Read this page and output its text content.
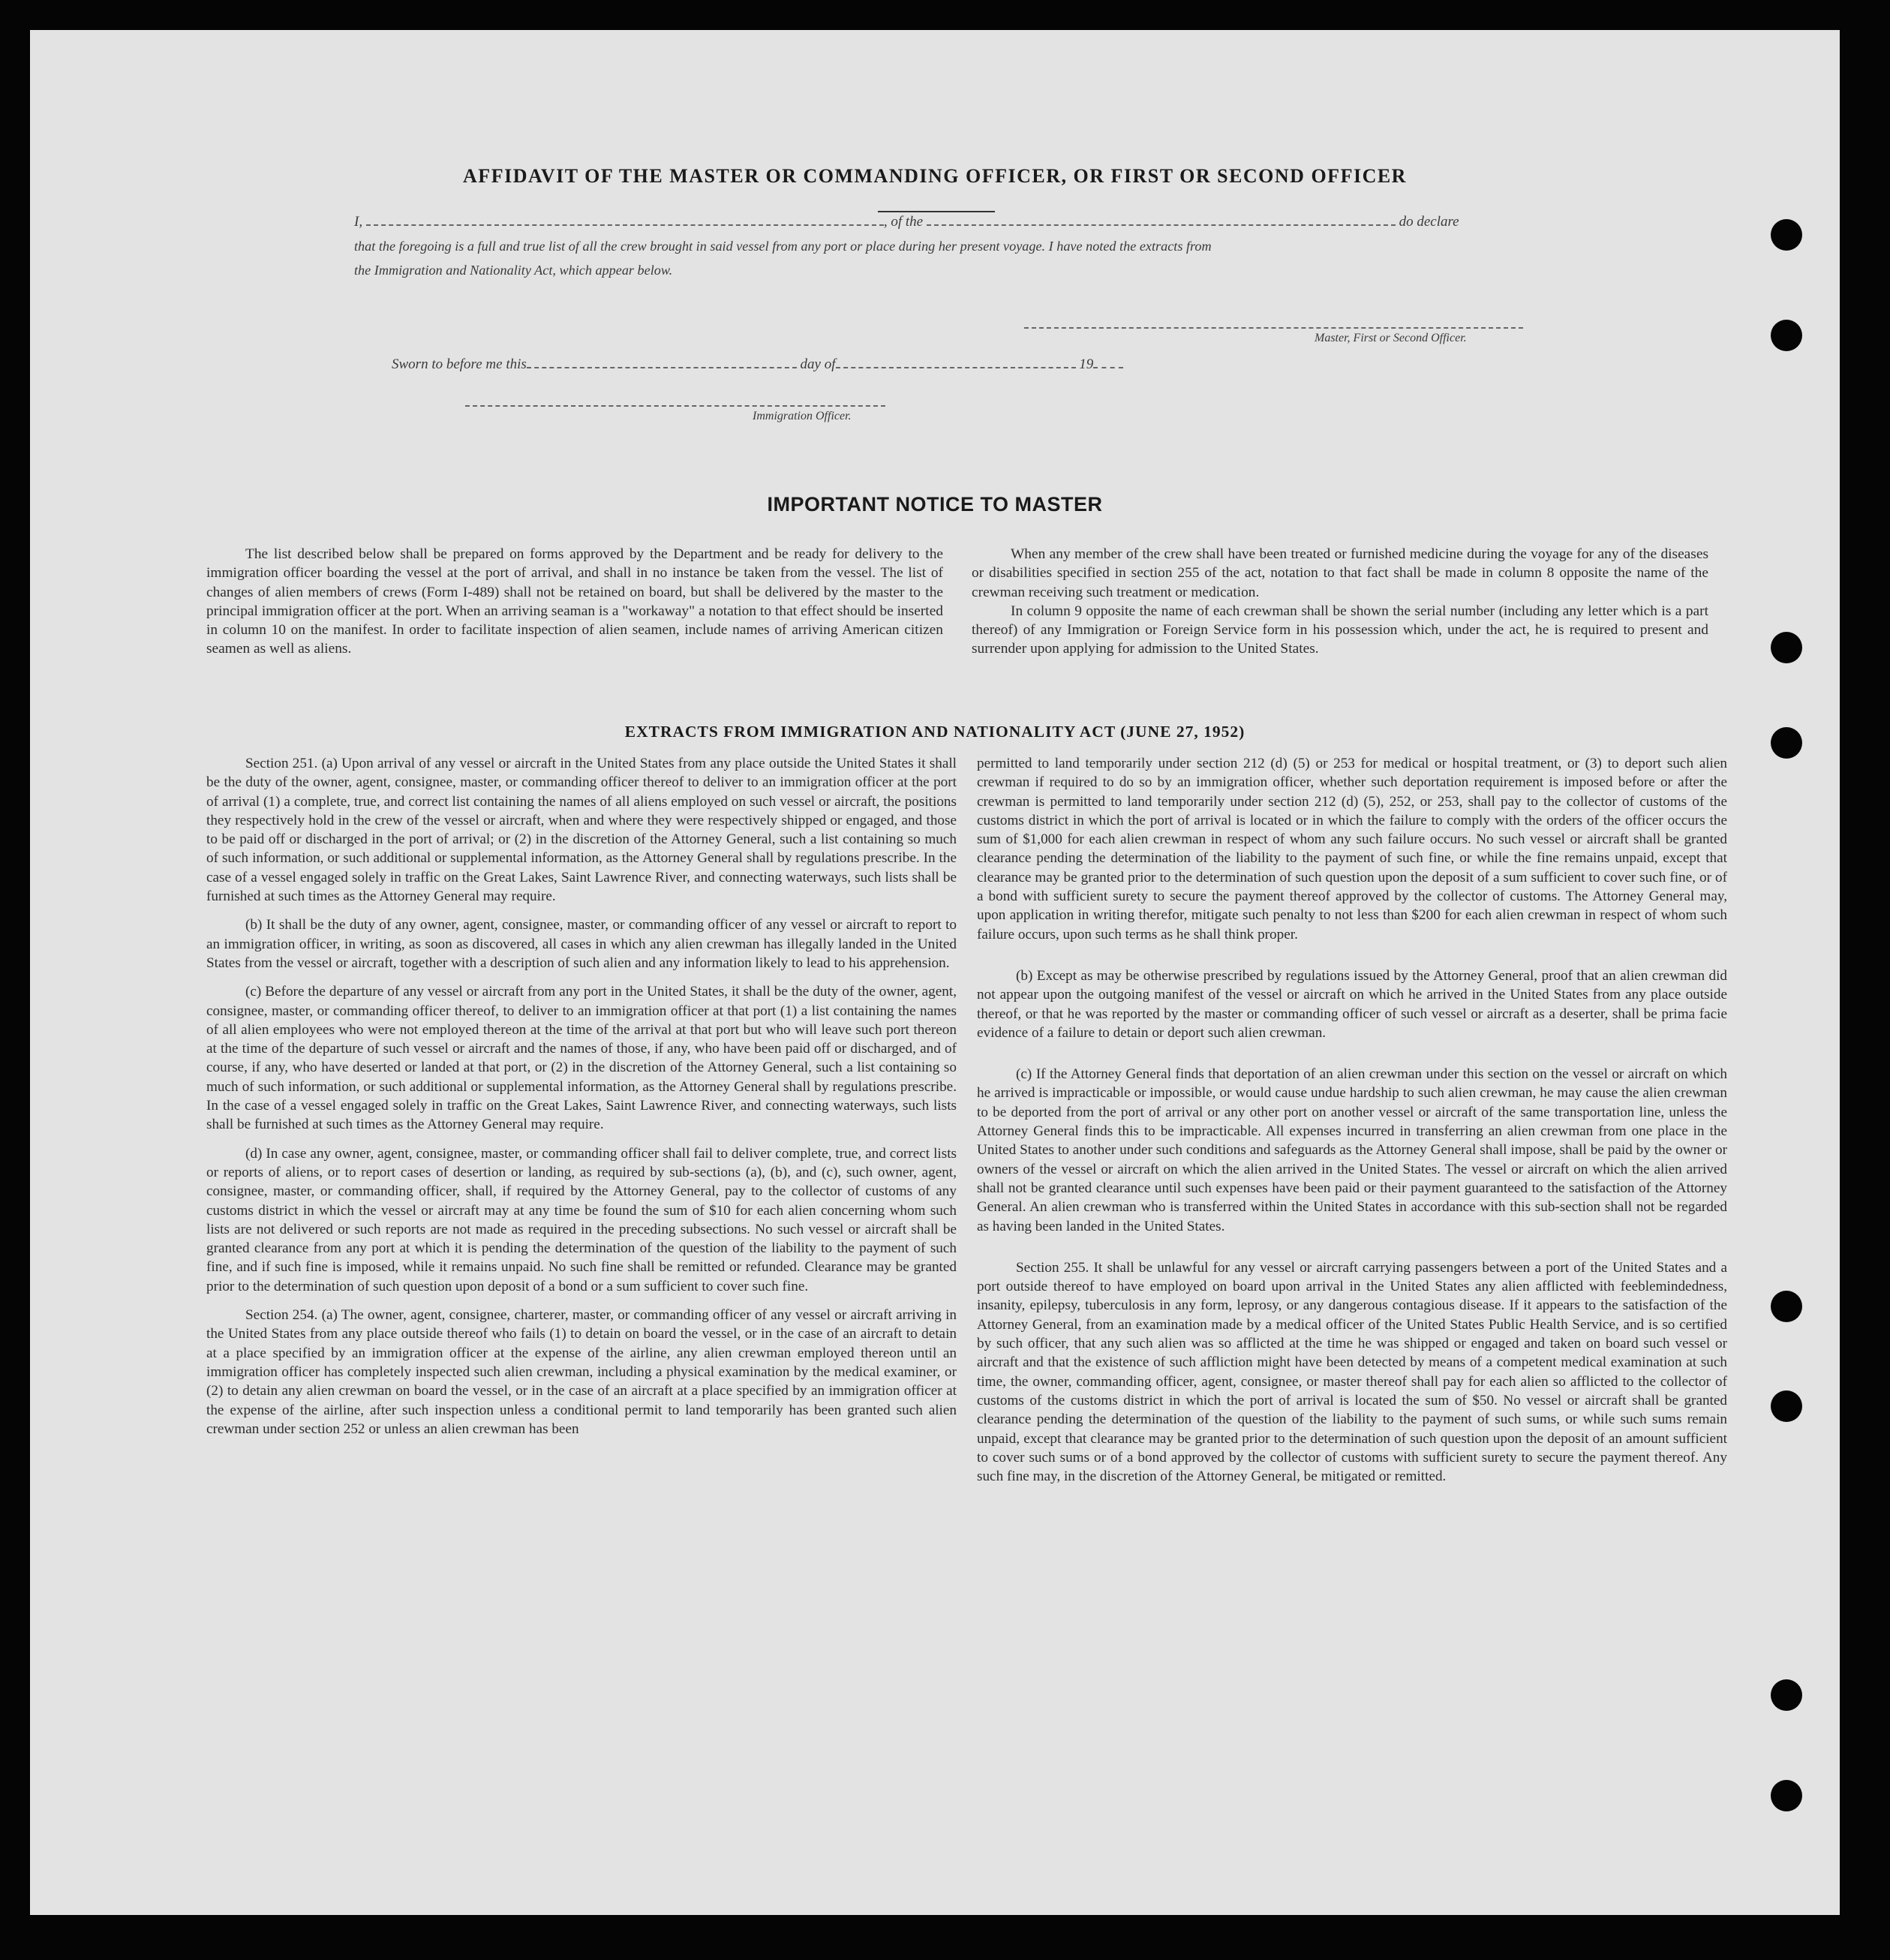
AFFIDAVIT OF THE MASTER OR COMMANDING OFFICER, OR FIRST OR SECOND OFFICER
I,	, of the	do declare
that the foregoing is a full and true list of all the crew brought in said vessel from any port or place during her present voyage. I have noted the extracts from
the Immigration and Nationality Act, which appear below.
Master, First or Second Officer.
Sworn to before me this	day of	19
Immigration Officer.
IMPORTANT NOTICE TO MASTER

The list described below shall be prepared on forms approved by the Department and be ready for delivery to the immigration officer boarding the vessel at the port of arrival, and shall in no instance be taken from the vessel. The list of changes of alien members of crews (Form I-489) shall not be retained on board, but shall be delivered by the master to the principal immigration officer at the port. When an arriving seaman is a "workaway" a notation to that effect should be inserted in column 10 on the manifest. In order to facilitate inspection of alien seamen, include names of arriving American citizen seamen as well as aliens.

When any member of the crew shall have been treated or furnished medicine during the voyage for any of the diseases or disabilities specified in section 255 of the act, notation to that fact shall be made in column 8 opposite the name of the crewman receiving such treatment or medication.

In column 9 opposite the name of each crewman shall be shown the serial number (including any letter which is a part thereof) of any Immigration or Foreign Service form in his possession which, under the act, he is required to present and surrender upon applying for admission to the United States.

EXTRACTS FROM IMMIGRATION AND NATIONALITY ACT (JUNE 27, 1952)

Section 251. (a) Upon arrival of any vessel or aircraft in the United States from any place outside the United States it shall be the duty of the owner, agent, consignee, master, or commanding officer thereof to deliver to an immigration officer at the port of arrival (1) a complete, true, and correct list containing the names of all aliens employed on such vessel or aircraft, the positions they respectively hold in the crew of the vessel or aircraft, when and where they were respectively shipped or engaged, and those to be paid off or discharged in the port of arrival; or (2) in the discretion of the Attorney General, such a list containing so much of such information, or such additional or supplemental information, as the Attorney General shall by regulations prescribe. In the case of a vessel engaged solely in traffic on the Great Lakes, Saint Lawrence River, and connecting waterways, such lists shall be furnished at such times as the Attorney General may require.

(b) It shall be the duty of any owner, agent, consignee, master, or commanding officer of any vessel or aircraft to report to an immigration officer, in writing, as soon as discovered, all cases in which any alien crewman has illegally landed in the United States from the vessel or aircraft, together with a description of such alien and any information likely to lead to his apprehension.

(c) Before the departure of any vessel or aircraft from any port in the United States, it shall be the duty of the owner, agent, consignee, master, or commanding officer thereof, to deliver to an immigration officer at that port (1) a list containing the names of all alien employees who were not employed thereon at the time of the arrival at that port but who will leave such port thereon at the time of the departure of such vessel or aircraft and the names of those, if any, who have been paid off or discharged, and of course, if any, who have deserted or landed at that port, or (2) in the discretion of the Attorney General, such a list containing so much of such information, or such additional or supplemental information, as the Attorney General shall by regulations prescribe. In the case of a vessel engaged solely in traffic on the Great Lakes, Saint Lawrence River, and connecting waterways, such lists shall be furnished at such times as the Attorney General may require.

(d) In case any owner, agent, consignee, master, or commanding officer shall fail to deliver complete, true, and correct lists or reports of aliens, or to report cases of desertion or landing, as required by sub-sections (a), (b), and (c), such owner, agent, consignee, master, or commanding officer, shall, if required by the Attorney General, pay to the collector of customs of any customs district in which the vessel or aircraft may at any time be found the sum of $10 for each alien concerning whom such lists are not delivered or such reports are not made as required in the preceding subsections. No such vessel or aircraft shall be granted clearance from any port at which it is pending the determination of the question of the liability to the payment of such fine, and if such fine is imposed, while it remains unpaid. No such fine shall be remitted or refunded. Clearance may be granted prior to the determination of such question upon deposit of a bond or a sum sufficient to cover such fine.

Section 254. (a) The owner, agent, consignee, charterer, master, or commanding officer of any vessel or aircraft arriving in the United States from any place outside thereof who fails (1) to detain on board the vessel, or in the case of an aircraft to detain at a place specified by an immigration officer at the expense of the airline, any alien crewman employed thereon until an immigration officer has completely inspected such alien crewman, including a physical examination by the medical examiner, or (2) to detain any alien crewman on board the vessel, or in the case of an aircraft at a place specified by an immigration officer at the expense of the airline, after such inspection unless a conditional permit to land temporarily has been granted such alien crewman under section 252 or unless an alien crewman has been

permitted to land temporarily under section 212 (d) (5) or 253 for medical or hospital treatment, or (3) to deport such alien crewman if required to do so by an immigration officer, whether such deportation requirement is imposed before or after the crewman is permitted to land temporarily under section 212 (d) (5), 252, or 253, shall pay to the collector of customs of the customs district in which the port of arrival is located or in which the failure to comply with the orders of the officer occurs the sum of $1,000 for each alien crewman in respect of whom any such failure occurs. No such vessel or aircraft shall be granted clearance pending the determination of the liability to the payment of such fine, or while the fine remains unpaid, except that clearance may be granted prior to the determination of such question upon the deposit of a sum sufficient to cover such fine, or of a bond with sufficient surety to secure the payment thereof approved by the collector of customs. The Attorney General may, upon application in writing therefor, mitigate such penalty to not less than $200 for each alien crewman in respect of whom such failure occurs, upon such terms as he shall think proper.

(b) Except as may be otherwise prescribed by regulations issued by the Attorney General, proof that an alien crewman did not appear upon the outgoing manifest of the vessel or aircraft on which he arrived in the United States from any place outside thereof, or that he was reported by the master or commanding officer of such vessel or aircraft as a deserter, shall be prima facie evidence of a failure to detain or deport such alien crewman.

(c) If the Attorney General finds that deportation of an alien crewman under this section on the vessel or aircraft on which he arrived is impracticable or impossible, or would cause undue hardship to such alien crewman, he may cause the alien crewman to be deported from the port of arrival or any other port on another vessel or aircraft of the same transportation line, unless the Attorney General finds this to be impracticable. All expenses incurred in transferring an alien crewman from one place in the United States to another under such conditions and safeguards as the Attorney General shall impose, shall be paid by the owner or owners of the vessel or aircraft on which the alien arrived in the United States. The vessel or aircraft on which the alien arrived shall not be granted clearance until such expenses have been paid or their payment guaranteed to the satisfaction of the Attorney General. An alien crewman who is transferred within the United States in accordance with this sub-section shall not be regarded as having been landed in the United States.

Section 255. It shall be unlawful for any vessel or aircraft carrying passengers between a port of the United States and a port outside thereof to have employed on board upon arrival in the United States any alien afflicted with feeblemindedness, insanity, epilepsy, tuberculosis in any form, leprosy, or any dangerous contagious disease. If it appears to the satisfaction of the Attorney General, from an examination made by a medical officer of the United States Public Health Service, and is so certified by such officer, that any such alien was so afflicted at the time he was shipped or engaged and taken on board such vessel or aircraft and that the existence of such affliction might have been detected by means of a competent medical examination at such time, the owner, commanding officer, agent, consignee, or master thereof shall pay for each alien so afflicted to the collector of customs of the customs district in which the port of arrival is located the sum of $50. No vessel or aircraft shall be granted clearance pending the determination of the question of the liability to the payment of such sums, or while such sums remain unpaid, except that clearance may be granted prior to the determination of such question upon the deposit of an amount sufficient to cover such sums or of a bond approved by the collector of customs with sufficient surety to secure the payment thereof. Any such fine may, in the discretion of the Attorney General, be mitigated or remitted.
